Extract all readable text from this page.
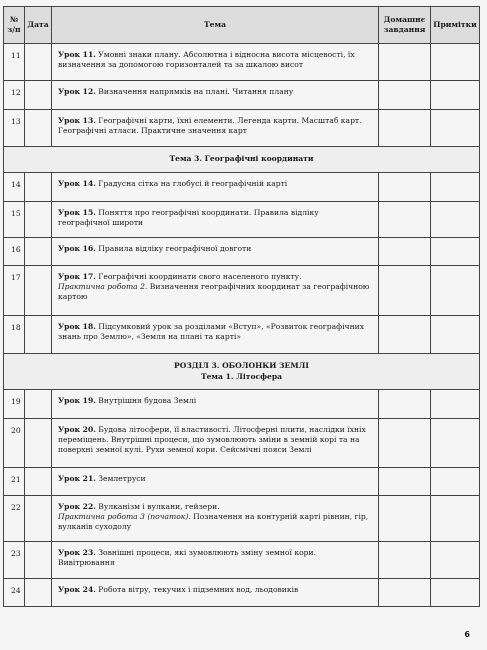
№ з/п	Дата	Тема	Домашнє завдання	Примітки
11		Урок 11. Умовні знаки плану. Абсолютна і відносна висота місцевості, їх визначення за допомогою горизонталей та за шкалою висот		
12		Урок 12. Визначення напрямків на плані. Читання плану		
13		Урок 13. Географічні карти, їхні елементи. Легенда карти. Масштаб карт. Географічні атласи. Практичне значення карт		
Тема 3. Географічні координати				
14		Урок 14. Градусна сітка на глобусі й географічній карті		
15		Урок 15. Поняття про географічні координати. Правила відліку географічної широти		
16		Урок 16. Правила відліку географічної довготи		
17		Урок 17. Географічні координати свого населеного пункту.
Практична робота 2. Визначення географічних координат за географічною картою		
18		Урок 18. Підсумковий урок за розділами «Вступ», «Розвиток географічних знань про Землю», «Земля на плані та карті»		
РОЗДІЛ 3. ОБОЛОНКИ ЗЕМЛІ
Тема 1. Літосфера				
19		Урок 19. Внутрішня будова Землі		
20		Урок 20. Будова літосфери, її властивості. Літосферні плити, наслідки їхніх переміщень. Внутрішні процеси, що зумовлюють зміни в земній корі та на поверхні земної кулі. Рухи земної кори. Сейсмічні пояси Землі		
21		Урок 21. Землетруси		
22		Урок 22. Вулканізм і вулкани, гейзери.
Практична робота 3 (початок). Позначення на контурній карті рівнин, гір, вулканів суходолу		
23		Урок 23. Зовнішні процеси, які зумовлюють зміну земної кори. Вивітрювання		
24		Урок 24. Робота вітру, текучих і підземних вод, льодовиків		
6
